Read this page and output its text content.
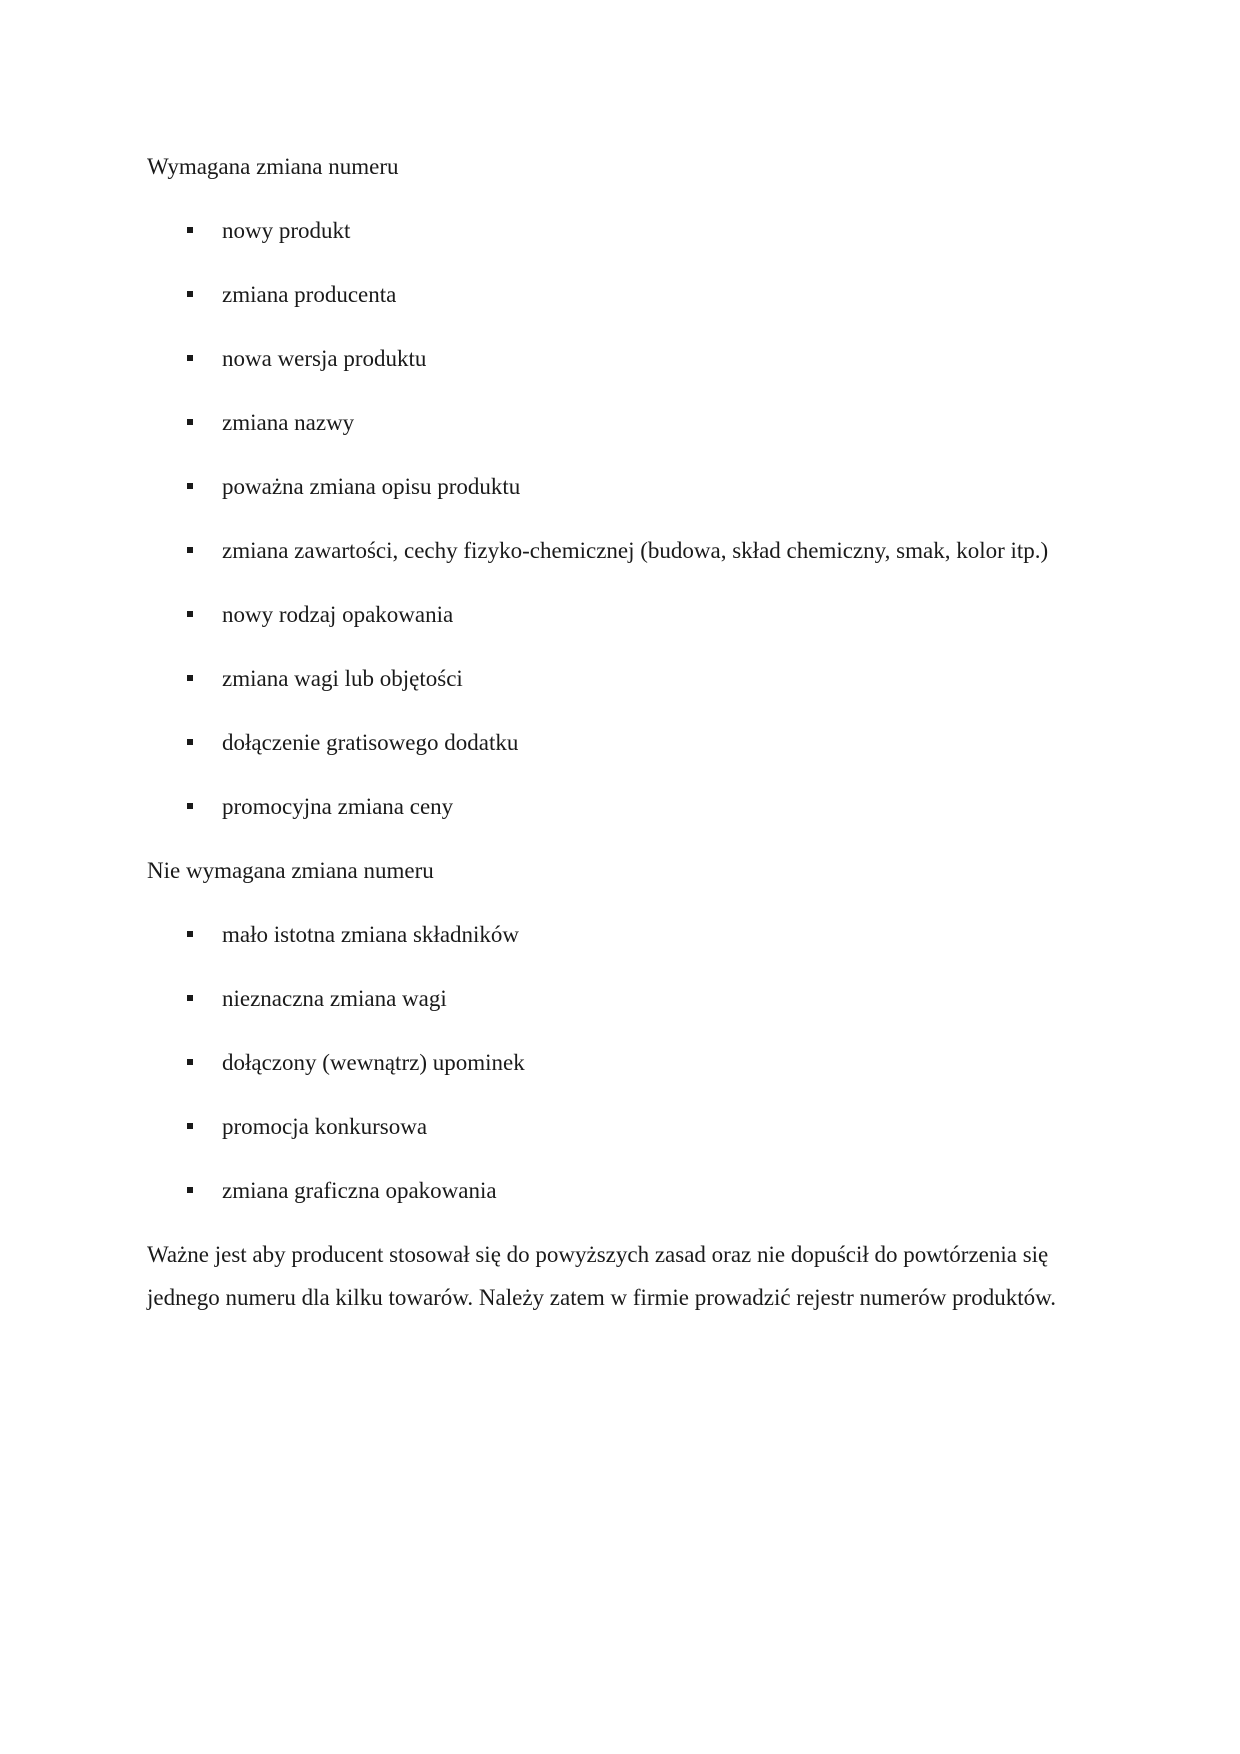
Wymagana zmiana numeru

nowy produkt
zmiana producenta
nowa wersja produktu
zmiana nazwy
poważna zmiana opisu produktu
zmiana zawartości, cechy fizyko-chemicznej (budowa, skład chemiczny, smak, kolor itp.)
nowy rodzaj opakowania
zmiana wagi lub objętości
dołączenie gratisowego dodatku
promocyjna zmiana ceny

Nie wymagana zmiana numeru

mało istotna zmiana składników
nieznaczna zmiana wagi
dołączony (wewnątrz) upominek
promocja konkursowa
zmiana graficzna opakowania

Ważne jest aby producent stosował się do powyższych zasad oraz nie dopuścił do powtórzenia się jednego numeru dla kilku towarów. Należy zatem w firmie prowadzić rejestr numerów produktów.
